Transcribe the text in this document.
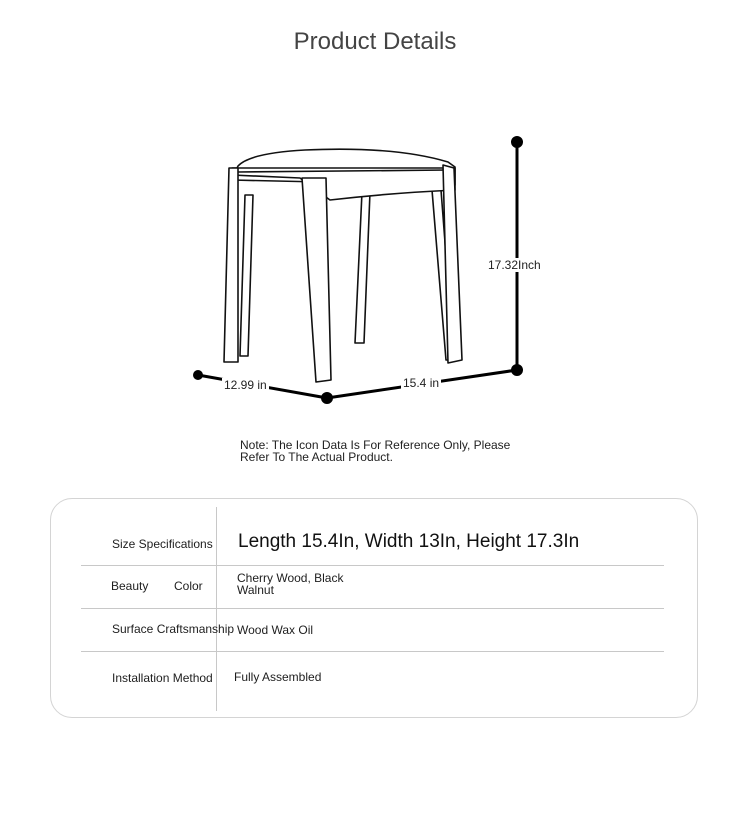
Product Details
17.32Inch
12.99 in	15.4 in
Note: The Icon Data Is For Reference Only, Please
Refer To The Actual Product.
Size Specifications Length 15.4In, Width 13In, Height 17.3In
Beauty Color
Cherry Wood, Black
Walnut
Surface Craftsmanship Wood Wax Oil
Installation Method Fully Assembled
